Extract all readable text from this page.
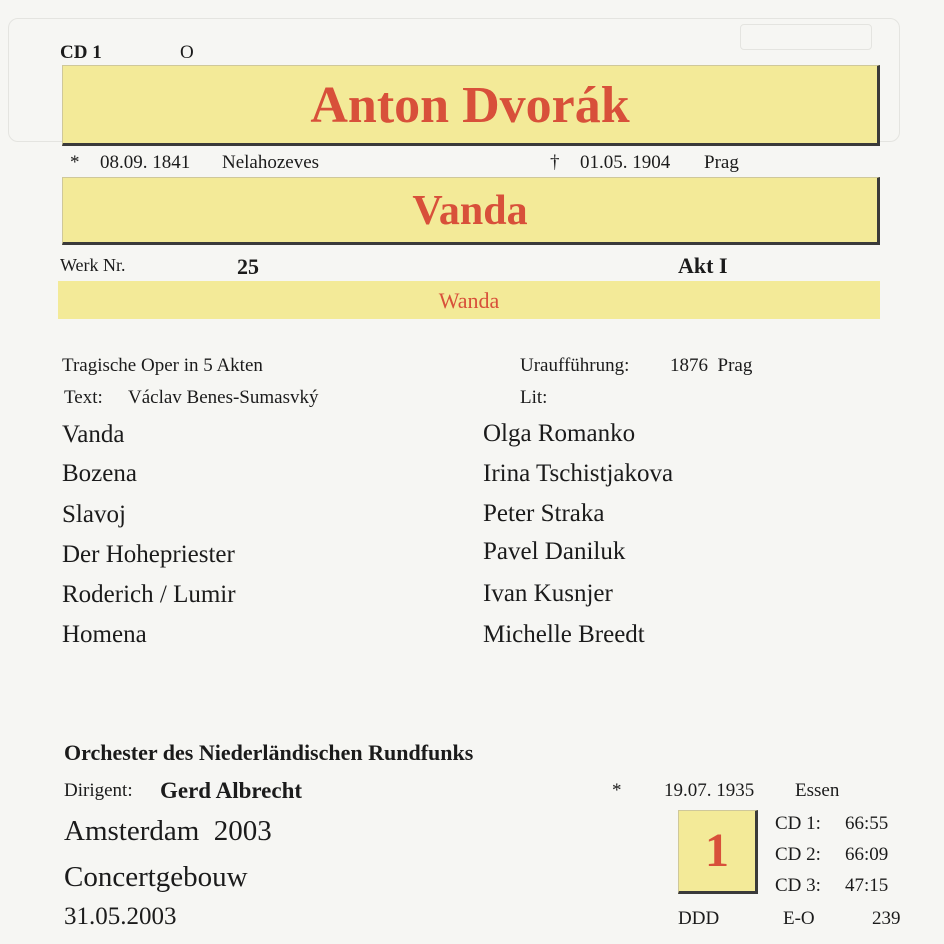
CD 1	O
Anton Dvorák
* 08.09. 1841 Nelahozeves	† 01.05. 1904 Prag
Vanda
Werk Nr.	25	Akt I
Wanda
Tragische Oper in 5 Akten	Uraufführung: 1876  Prag
Text: Václav Benes-Sumasvký	Lit:
Vanda	Olga Romanko
Bozena	Irina Tschistjakova
Slavoj	Peter Straka
Der Hohepriester	Pavel Daniluk
Roderich / Lumir	Ivan Kusnjer
Homena	Michelle Breedt
Orchester des Niederländischen Rundfunks
Dirigent: Gerd Albrecht	* 19.07. 1935 Essen
Amsterdam  2003
Concertgebouw
31.05.2003
1
CD 1: 66:55
CD 2: 66:09
CD 3: 47:15
DDD	E-O	239
